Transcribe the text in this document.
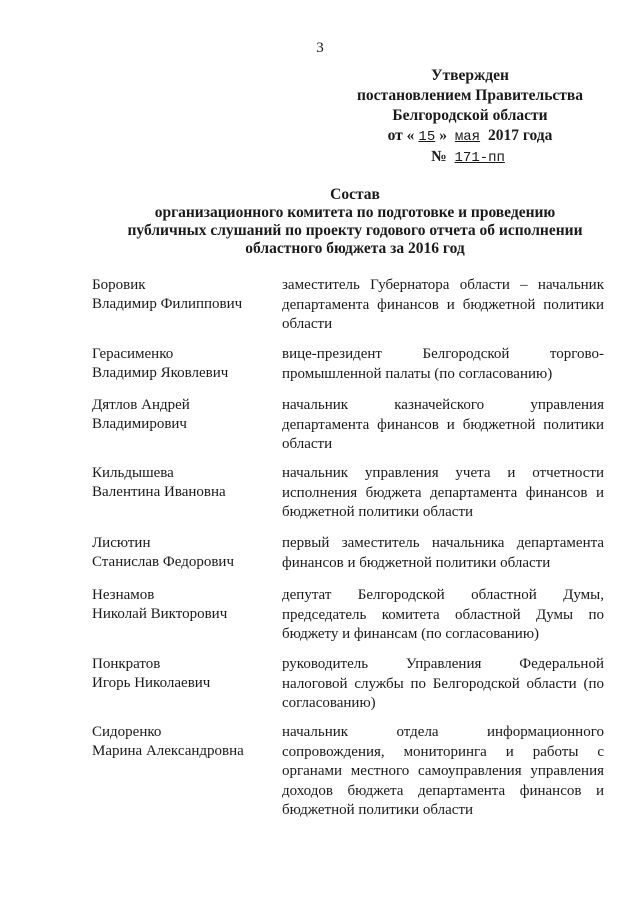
3
Утвержден
постановлением Правительства
Белгородской области
от « 15 » мая 2017 года
№ 171-пп
Состав
организационного комитета по подготовке и проведению
публичных слушаний по проекту годового отчета об исполнении
областного бюджета за 2016 год
Боровик
Владимир Филиппович
заместитель Губернатора области – начальник департамента финансов и бюджетной политики области
Герасименко
Владимир Яковлевич
вице-президент Белгородской торгово-промышленной палаты (по согласованию)
Дятлов Андрей
Владимирович
начальник казначейского управления департамента финансов и бюджетной политики области
Кильдышева
Валентина Ивановна
начальник управления учета и отчетности исполнения бюджета департамента финансов и бюджетной политики области
Лисютин
Станислав Федорович
первый заместитель начальника департамента финансов и бюджетной политики области
Незнамов
Николай Викторович
депутат Белгородской областной Думы, председатель комитета областной Думы по бюджету и финансам (по согласованию)
Понкратов
Игорь Николаевич
руководитель Управления Федеральной налоговой службы по Белгородской области (по согласованию)
Сидоренко
Марина Александровна
начальник отдела информационного сопровождения, мониторинга и работы с органами местного самоуправления управления доходов бюджета департамента финансов и бюджетной политики области
